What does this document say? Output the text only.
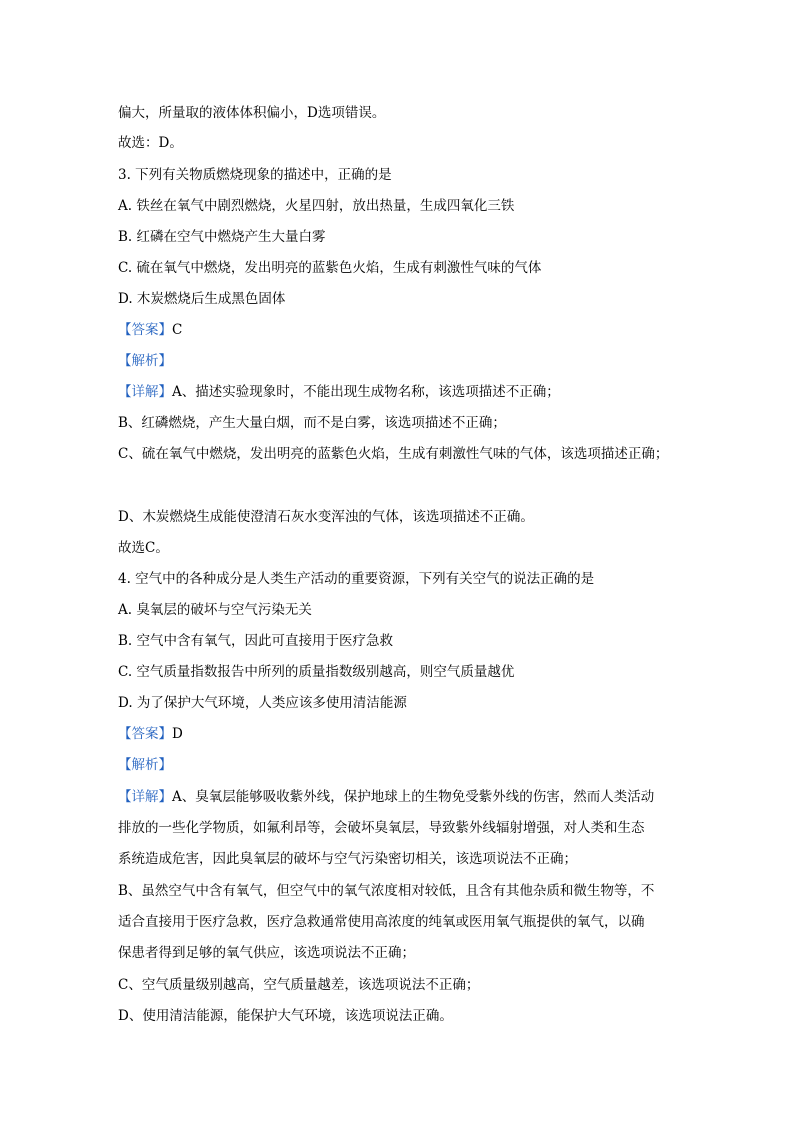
偏大，所量取的液体体积偏小，D选项错误。
故选：D。
3. 下列有关物质燃烧现象的描述中，正确的是
A. 铁丝在氧气中剧烈燃烧，火星四射，放出热量，生成四氧化三铁
B. 红磷在空气中燃烧产生大量白雾
C. 硫在氧气中燃烧，发出明亮的蓝紫色火焰，生成有刺激性气味的气体
D. 木炭燃烧后生成黑色固体
【答案】C
【解析】
【详解】A、描述实验现象时，不能出现生成物名称，该选项描述不正确；
B、红磷燃烧，产生大量白烟，而不是白雾，该选项描述不正确；
C、硫在氧气中燃烧，发出明亮的蓝紫色火焰，生成有刺激性气味的气体，该选项描述正确；
D、木炭燃烧生成能使澄清石灰水变浑浊的气体，该选项描述不正确。
故选C。
4. 空气中的各种成分是人类生产活动的重要资源，下列有关空气的说法正确的是
A. 臭氧层的破坏与空气污染无关
B. 空气中含有氧气，因此可直接用于医疗急救
C. 空气质量指数报告中所列的质量指数级别越高，则空气质量越优
D. 为了保护大气环境，人类应该多使用清洁能源
【答案】D
【解析】
【详解】A、臭氧层能够吸收紫外线，保护地球上的生物免受紫外线的伤害，然而人类活动
排放的一些化学物质，如氟利昂等，会破坏臭氧层，导致紫外线辐射增强，对人类和生态
系统造成危害，因此臭氧层的破坏与空气污染密切相关，该选项说法不正确；
B、虽然空气中含有氧气，但空气中的氧气浓度相对较低，且含有其他杂质和微生物等，不
适合直接用于医疗急救，医疗急救通常使用高浓度的纯氧或医用氧气瓶提供的氧气，以确
保患者得到足够的氧气供应，该选项说法不正确；
C、空气质量级别越高，空气质量越差，该选项说法不正确；
D、使用清洁能源，能保护大气环境，该选项说法正确。
